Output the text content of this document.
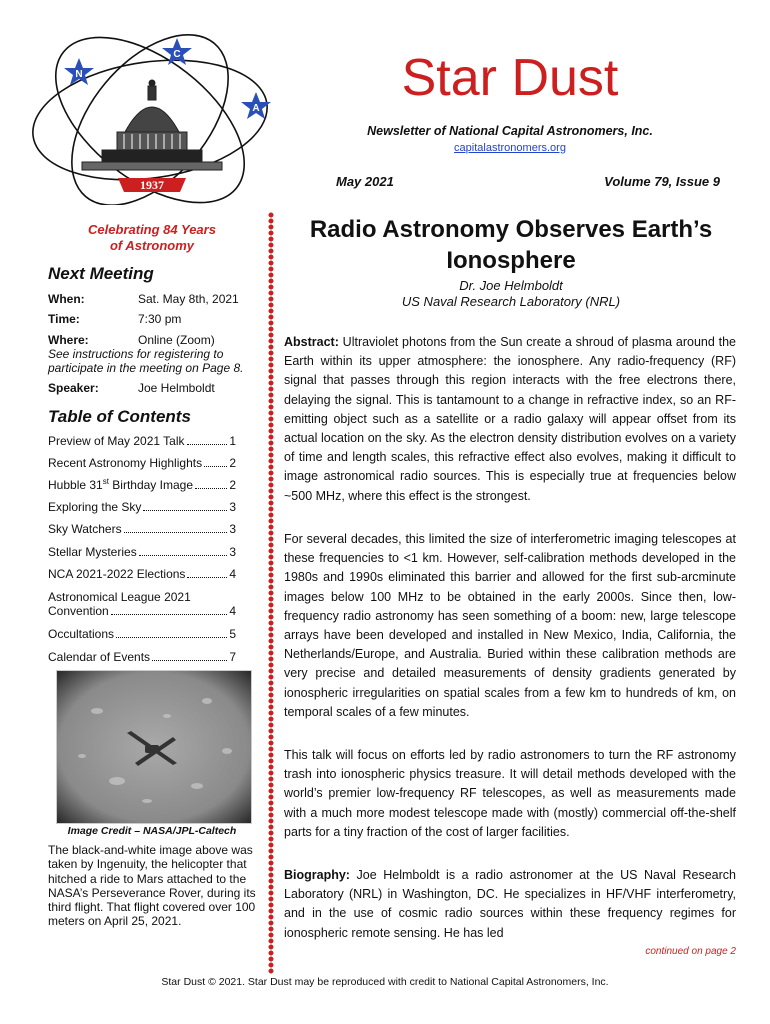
1937
N
C
A
Star Dust
Newsletter of National Capital Astronomers, Inc.
capitalastronomers.org
May 2021	Volume 79, Issue 9
Celebrating 84 Years
of Astronomy
Next Meeting
When:	Sat. May 8th, 2021
Time:	7:30 pm
Where:	Online (Zoom)
See instructions for registering to participate in the meeting on Page 8.
Speaker:	Joe Helmboldt
Table of Contents
Preview of May 2021 Talk	1
Recent Astronomy Highlights 2
Hubble 31st Birthday Image	2
Exploring the Sky	3
Sky Watchers	3
Stellar Mysteries	3
NCA 2021-2022 Elections	4
Astronomical League 2021
Convention	4
Occultations	5
Calendar of Events	7
Image Credit – NASA/JPL-Caltech
The black-and-white image above was taken by Ingenuity, the helicopter that hitched a ride to Mars attached to the NASA’s Perseverance Rover, during its third flight. That flight covered over 100 meters on April 25, 2021.
Radio Astronomy Observes Earth’s
Ionosphere
Dr. Joe Helmboldt
US Naval Research Laboratory (NRL)

Abstract: Ultraviolet photons from the Sun create a shroud of plasma around the Earth within its upper atmosphere: the ionosphere. Any radio-frequency (RF) signal that passes through this region interacts with the free electrons there, delaying the signal. This is tantamount to a change in refractive index, so an RF-emitting object such as a satellite or a radio galaxy will appear offset from its actual location on the sky. As the electron density distribution evolves on a variety of time and length scales, this refractive effect also evolves, making it difficult to image astronomical radio sources. This is especially true at frequencies below ~500 MHz, where this effect is the strongest.

For several decades, this limited the size of interferometric imaging telescopes at these frequencies to <1 km. However, self-calibration methods developed in the 1980s and 1990s eliminated this barrier and allowed for the first sub-arcminute images below 100 MHz to be obtained in the early 2000s. Since then, low-frequency radio astronomy has seen something of a boom: new, large telescope arrays have been developed and installed in New Mexico, India, California, the Netherlands/Europe, and Australia. Buried within these calibration methods are very precise and detailed measurements of density gradients generated by ionospheric irregularities on spatial scales from a few km to hundreds of km, on temporal scales of a few minutes.

This talk will focus on efforts led by radio astronomers to turn the RF astronomy trash into ionospheric physics treasure. It will detail methods developed with the world’s premier low-frequency RF telescopes, as well as measurements made with a much more modest telescope made with (mostly) commercial off-the-shelf parts for a tiny fraction of the cost of larger facilities.

Biography: Joe Helmboldt is a radio astronomer at the US Naval Research Laboratory (NRL) in Washington, DC. He specializes in HF/VHF interferometry, and in the use of cosmic radio sources within these frequency regimes for ionospheric remote sensing. He has led

continued on page 2
Star Dust © 2021. Star Dust may be reproduced with credit to National Capital Astronomers, Inc.
